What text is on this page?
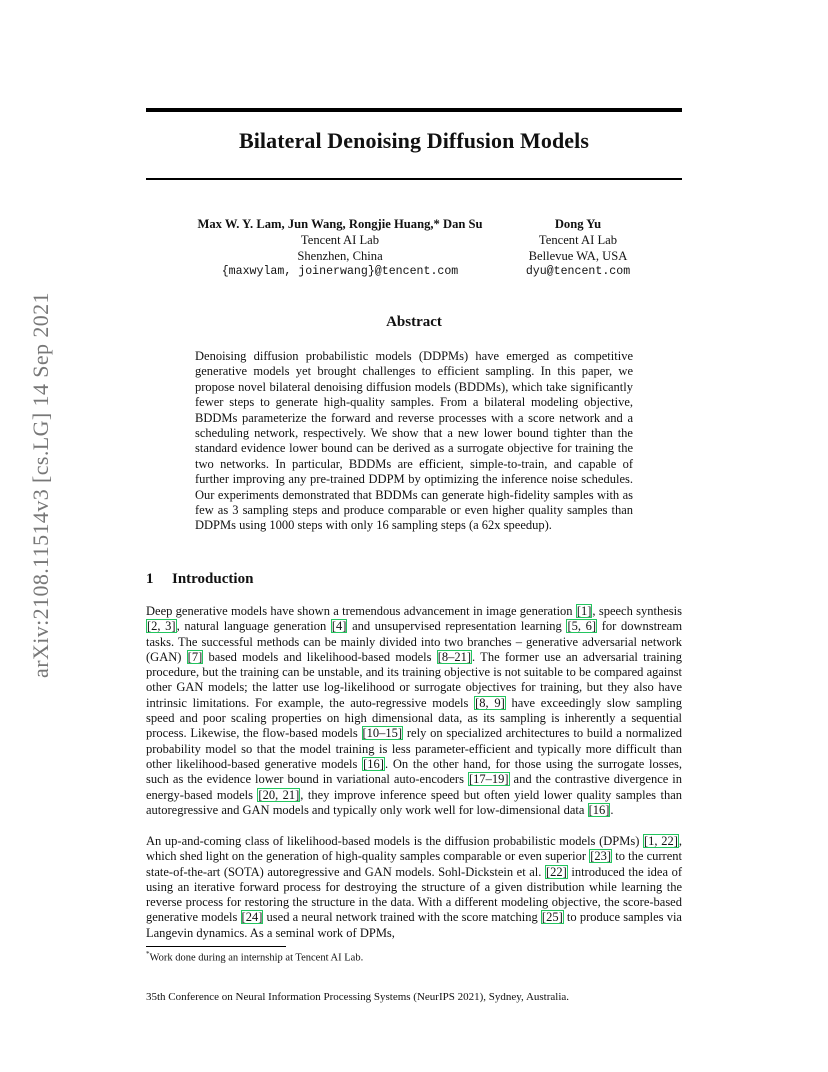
arXiv:2108.11514v3 [cs.LG] 14 Sep 2021
Bilateral Denoising Diffusion Models
Max W. Y. Lam, Jun Wang, Rongjie Huang,* Dan Su
Tencent AI Lab
Shenzhen, China
{maxwylam, joinerwang}@tencent.com
Dong Yu
Tencent AI Lab
Bellevue WA, USA
dyu@tencent.com
Abstract
Denoising diffusion probabilistic models (DDPMs) have emerged as competitive generative models yet brought challenges to efficient sampling. In this paper, we propose novel bilateral denoising diffusion models (BDDMs), which take significantly fewer steps to generate high-quality samples. From a bilateral modeling objective, BDDMs parameterize the forward and reverse processes with a score network and a scheduling network, respectively. We show that a new lower bound tighter than the standard evidence lower bound can be derived as a surrogate objective for training the two networks. In particular, BDDMs are efficient, simple-to-train, and capable of further improving any pre-trained DDPM by optimizing the inference noise schedules. Our experiments demonstrated that BDDMs can generate high-fidelity samples with as few as 3 sampling steps and produce comparable or even higher quality samples than DDPMs using 1000 steps with only 16 sampling steps (a 62x speedup).
1 Introduction
Deep generative models have shown a tremendous advancement in image generation [1], speech synthesis [2, 3], natural language generation [4] and unsupervised representation learning [5, 6] for downstream tasks. The successful methods can be mainly divided into two branches – generative adversarial network (GAN) [7] based models and likelihood-based models [8–21]. The former use an adversarial training procedure, but the training can be unstable, and its training objective is not suitable to be compared against other GAN models; the latter use log-likelihood or surrogate objectives for training, but they also have intrinsic limitations. For example, the auto-regressive models [8, 9] have exceedingly slow sampling speed and poor scaling properties on high dimensional data, as its sampling is inherently a sequential process. Likewise, the flow-based models [10–15] rely on specialized architectures to build a normalized probability model so that the model training is less parameter-efficient and typically more difficult than other likelihood-based generative models [16]. On the other hand, for those using the surrogate losses, such as the evidence lower bound in variational auto-encoders [17–19] and the contrastive divergence in energy-based models [20, 21], they improve inference speed but often yield lower quality samples than autoregressive and GAN models and typically only work well for low-dimensional data [16].
An up-and-coming class of likelihood-based models is the diffusion probabilistic models (DPMs) [1, 22], which shed light on the generation of high-quality samples comparable or even superior [23] to the current state-of-the-art (SOTA) autoregressive and GAN models. Sohl-Dickstein et al. [22] introduced the idea of using an iterative forward process for destroying the structure of a given distribution while learning the reverse process for restoring the structure in the data. With a different modeling objective, the score-based generative models [24] used a neural network trained with the score matching [25] to produce samples via Langevin dynamics. As a seminal work of DPMs,
*Work done during an internship at Tencent AI Lab.
35th Conference on Neural Information Processing Systems (NeurIPS 2021), Sydney, Australia.
